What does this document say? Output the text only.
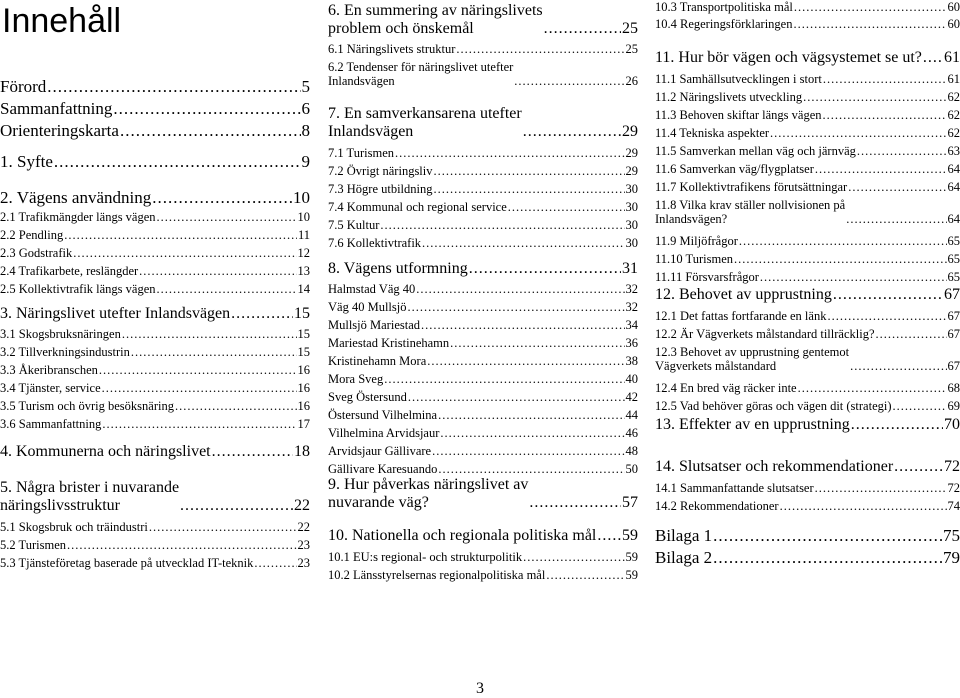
Innehåll
Förord .....	5
Sammanfattning .....	6
Orienteringskarta .....	8
1. Syfte .....	9
2. Vägens användning .....	10
2.1 Trafikmängder längs vägen .....	10
2.2 Pendling .....	11
2.3 Godstrafik .....	12
2.4 Trafikarbete, reslängder .....	13
2.5 Kollektivtrafik längs vägen .....	14
3. Näringslivet utefter Inlandsvägen .....	15
3.1 Skogsbruksnäringen .....	15
3.2 Tillverkningsindustrin .....	15
3.3 Åkeribranschen .....	16
3.4 Tjänster, service .....	16
3.5 Turism och övrig besöksnäring .....	16
3.6 Sammanfattning .....	17
4. Kommunerna och näringslivet .....	18
5. Några brister i nuvarande
näringslivsstruktur .....	22
5.1 Skogsbruk och träindustri .....	22
5.2 Turismen .....	23
5.3 Tjänsteföretag baserade på utvecklad IT-teknik .....	23
6. En summering av näringslivets
problem och önskemål .....	25
6.1 Näringslivets struktur .....	25
6.2 Tendenser för näringslivet utefter
Inlandsvägen .....	26
7. En samverkansarena utefter
Inlandsvägen .....	29
7.1 Turismen .....	29
7.2 Övrigt näringsliv .....	29
7.3 Högre utbildning .....	30
7.4 Kommunal och regional service .....	30
7.5 Kultur .....	30
7.6 Kollektivtrafik .....	30
8. Vägens utformning .....	31
Halmstad Väg 40 .....	32
Väg 40 Mullsjö .....	32
Mullsjö Mariestad .....	34
Mariestad Kristinehamn .....	36
Kristinehamn Mora .....	38
Mora Sveg .....	40
Sveg Östersund .....	42
Östersund Vilhelmina .....	44
Vilhelmina Arvidsjaur .....	46
Arvidsjaur Gällivare .....	48
Gällivare Karesuando .....	50
9. Hur påverkas näringslivet av
nuvarande väg? .....	57
10. Nationella och regionala politiska mål ..... 59
10.1 EU:s regional- och strukturpolitik .....	59
10.2 Länsstyrelsernas regionalpolitiska mål .....	59
10.3 Transportpolitiska mål .....	60
10.4 Regeringsförklaringen .....	60
11. Hur bör vägen och vägsystemet se ut? ..... 61
11.1 Samhällsutvecklingen i stort .....	61
11.2 Näringslivets utveckling .....	62
11.3 Behoven skiftar längs vägen .....	62
11.4 Tekniska aspekter .....	62
11.5 Samverkan mellan väg och järnväg .....	63
11.6 Samverkan väg/flygplatser .....	64
11.7 Kollektivtrafikens förutsättningar .....	64
11.8 Vilka krav ställer nollvisionen på
Inlandsvägen? .....	64
11.9 Miljöfrågor .....	65
11.10 Turismen .....	65
11.11 Försvarsfrågor .....	65
12. Behovet av upprustning .....	67
12.1 Det fattas fortfarande en länk .....	67
12.2 Är Vägverkets målstandard tillräcklig? .....	67
12.3 Behovet av upprustning gentemot
Vägverkets målstandard .....	67
12.4 En bred väg räcker inte .....	68
12.5 Vad behöver göras och vägen dit (strategi) .....	69
13. Effekter av en upprustning .....	70
14. Slutsatser och rekommendationer .....	72
14.1 Sammanfattande slutsatser .....	72
14.2 Rekommendationer .....	74
Bilaga 1 .....	75
Bilaga 2 .....	79
3
